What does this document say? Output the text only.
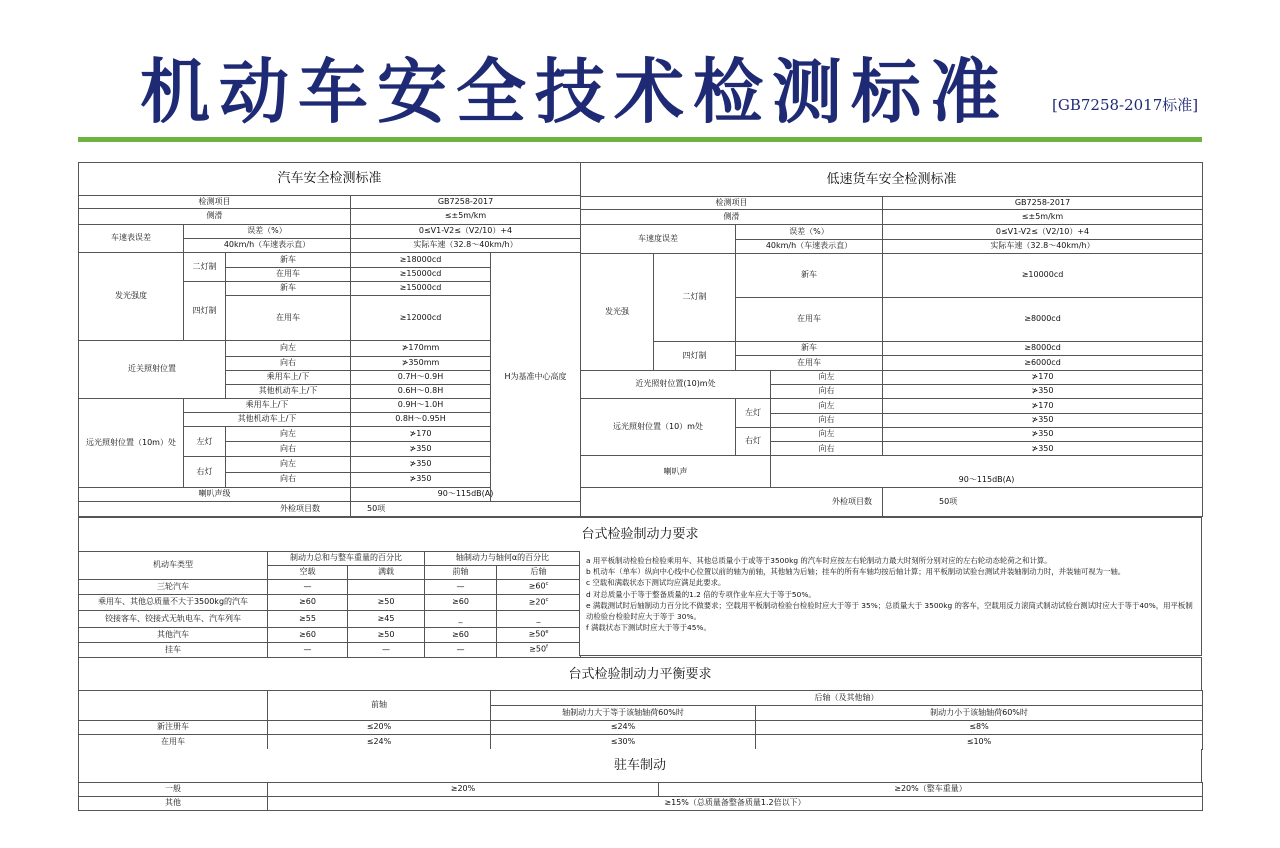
机动车安全技术检测标准	[GB7258-2017标准]
汽车安全检测标准				
检测项目			GB7258-2017	
侧滑			≤±5m/km	
车速表误差	误差（%）		0≤V1-V2≤（V2/10）+4	
	40km/h（车速表示直）		实际车速（32.8～40km/h）	
发光强度	二灯制	新车	≥18000cd	H为基准中心高度
		在用车	≥15000cd	
	四灯制	新车	≥15000cd	
		在用车	≥12000cd	
近关照射位置		向左	≯170mm	
		向右	≯350mm	
		乘用车上/下	0.7H～0.9H	
		其他机动车上/下	0.6H～0.8H	
远光照射位置（10m）处	乘用车上/下		0.9H～1.0H	
	其他机动车上/下		0.8H～0.95H	
	左灯	向左	≯170	
		向右	≯350	
	右灯	向左	≯350	
		向右	≯350	
喇叭声级			90～115dB(A)	
外检项目数			50项	
低速货车安全检测标准				
检测项目				GB7258-2017
侧滑				≤±5m/km
车速度误差		误差（%）		0≤V1-V2≤（V2/10）+4
		40km/h（车速表示直）		实际车速（32.8～40km/h）
发光强	二灯制	新车		≥10000cd
		在用车		≥8000cd
	四灯制	新车		≥8000cd
		在用车		≥6000cd
近光照射位置(10)m处			向左	≯170
			向右	≯350
远光照射位置（10）m处		左灯	向左	≯170
			向右	≯350
		右灯	向左	≯350
			向右	≯350
喇叭声			90～115dB(A)	
外检项目数				50项
台式检验制动力要求
机动车类型	制动力总和与整车重量的百分比		轴制动力与轴何α的百分比	
	空载	满载	前轴	后轴
三轮汽车	—		—	$\ge 60^c$
乘用车、其他总质量不大于3500kg的汽车	≥60	≥50	≥60	$\ge 20^c$
铰接客车、铰接式无轨电车、汽车列车	≥55	≥45	_	_
其他汽车	≥60	≥50	≥60	$\ge 50^e$
挂车	—	—	—	$\ge 50^f$
a 用平板制动检验台检验乘用车、其他总质量小于或等于3500kg 的汽车时应按左右轮制动力最大时刻所分别对应的左右轮动态轮荷之和计算。
b 机动车（单车）纵向中心线中心位置以前的轴为前轴，其他轴为后轴；挂车的所有车轴均按后轴计算；用平板制动试验台测试并装轴制动力时，并装轴可视为一轴。
c 空载和满载状态下测试均应满足此要求。
d 对总质量小于等于整备质量的1.2 倍的专项作业车应大于等于50%。
e 满载测试时后轴制动力百分比不做要求；空载用平板制动检验台检验时应大于等于 35%；总质量大于 3500kg 的客车，空载用反力滚筒式制动试验台测试时应大于等于40%，用平板制动检验台检验时应大于等于 30%。
f 满载状态下测试时应大于等于45%。
台式检验制动力平衡要求
	前轴	后轴（及其他轴）	
		轴制动力大于等于该轴轴荷60%时	制动力小于该轴轴荷60%时
新注册车	≤20%	≤24%	≤8%
在用车	≤24%	≤30%	≤10%
驻车制动
一般	≥20%	≥20%（整车重量）
其他	≥15%（总质量备整备质量1.2倍以下）	
